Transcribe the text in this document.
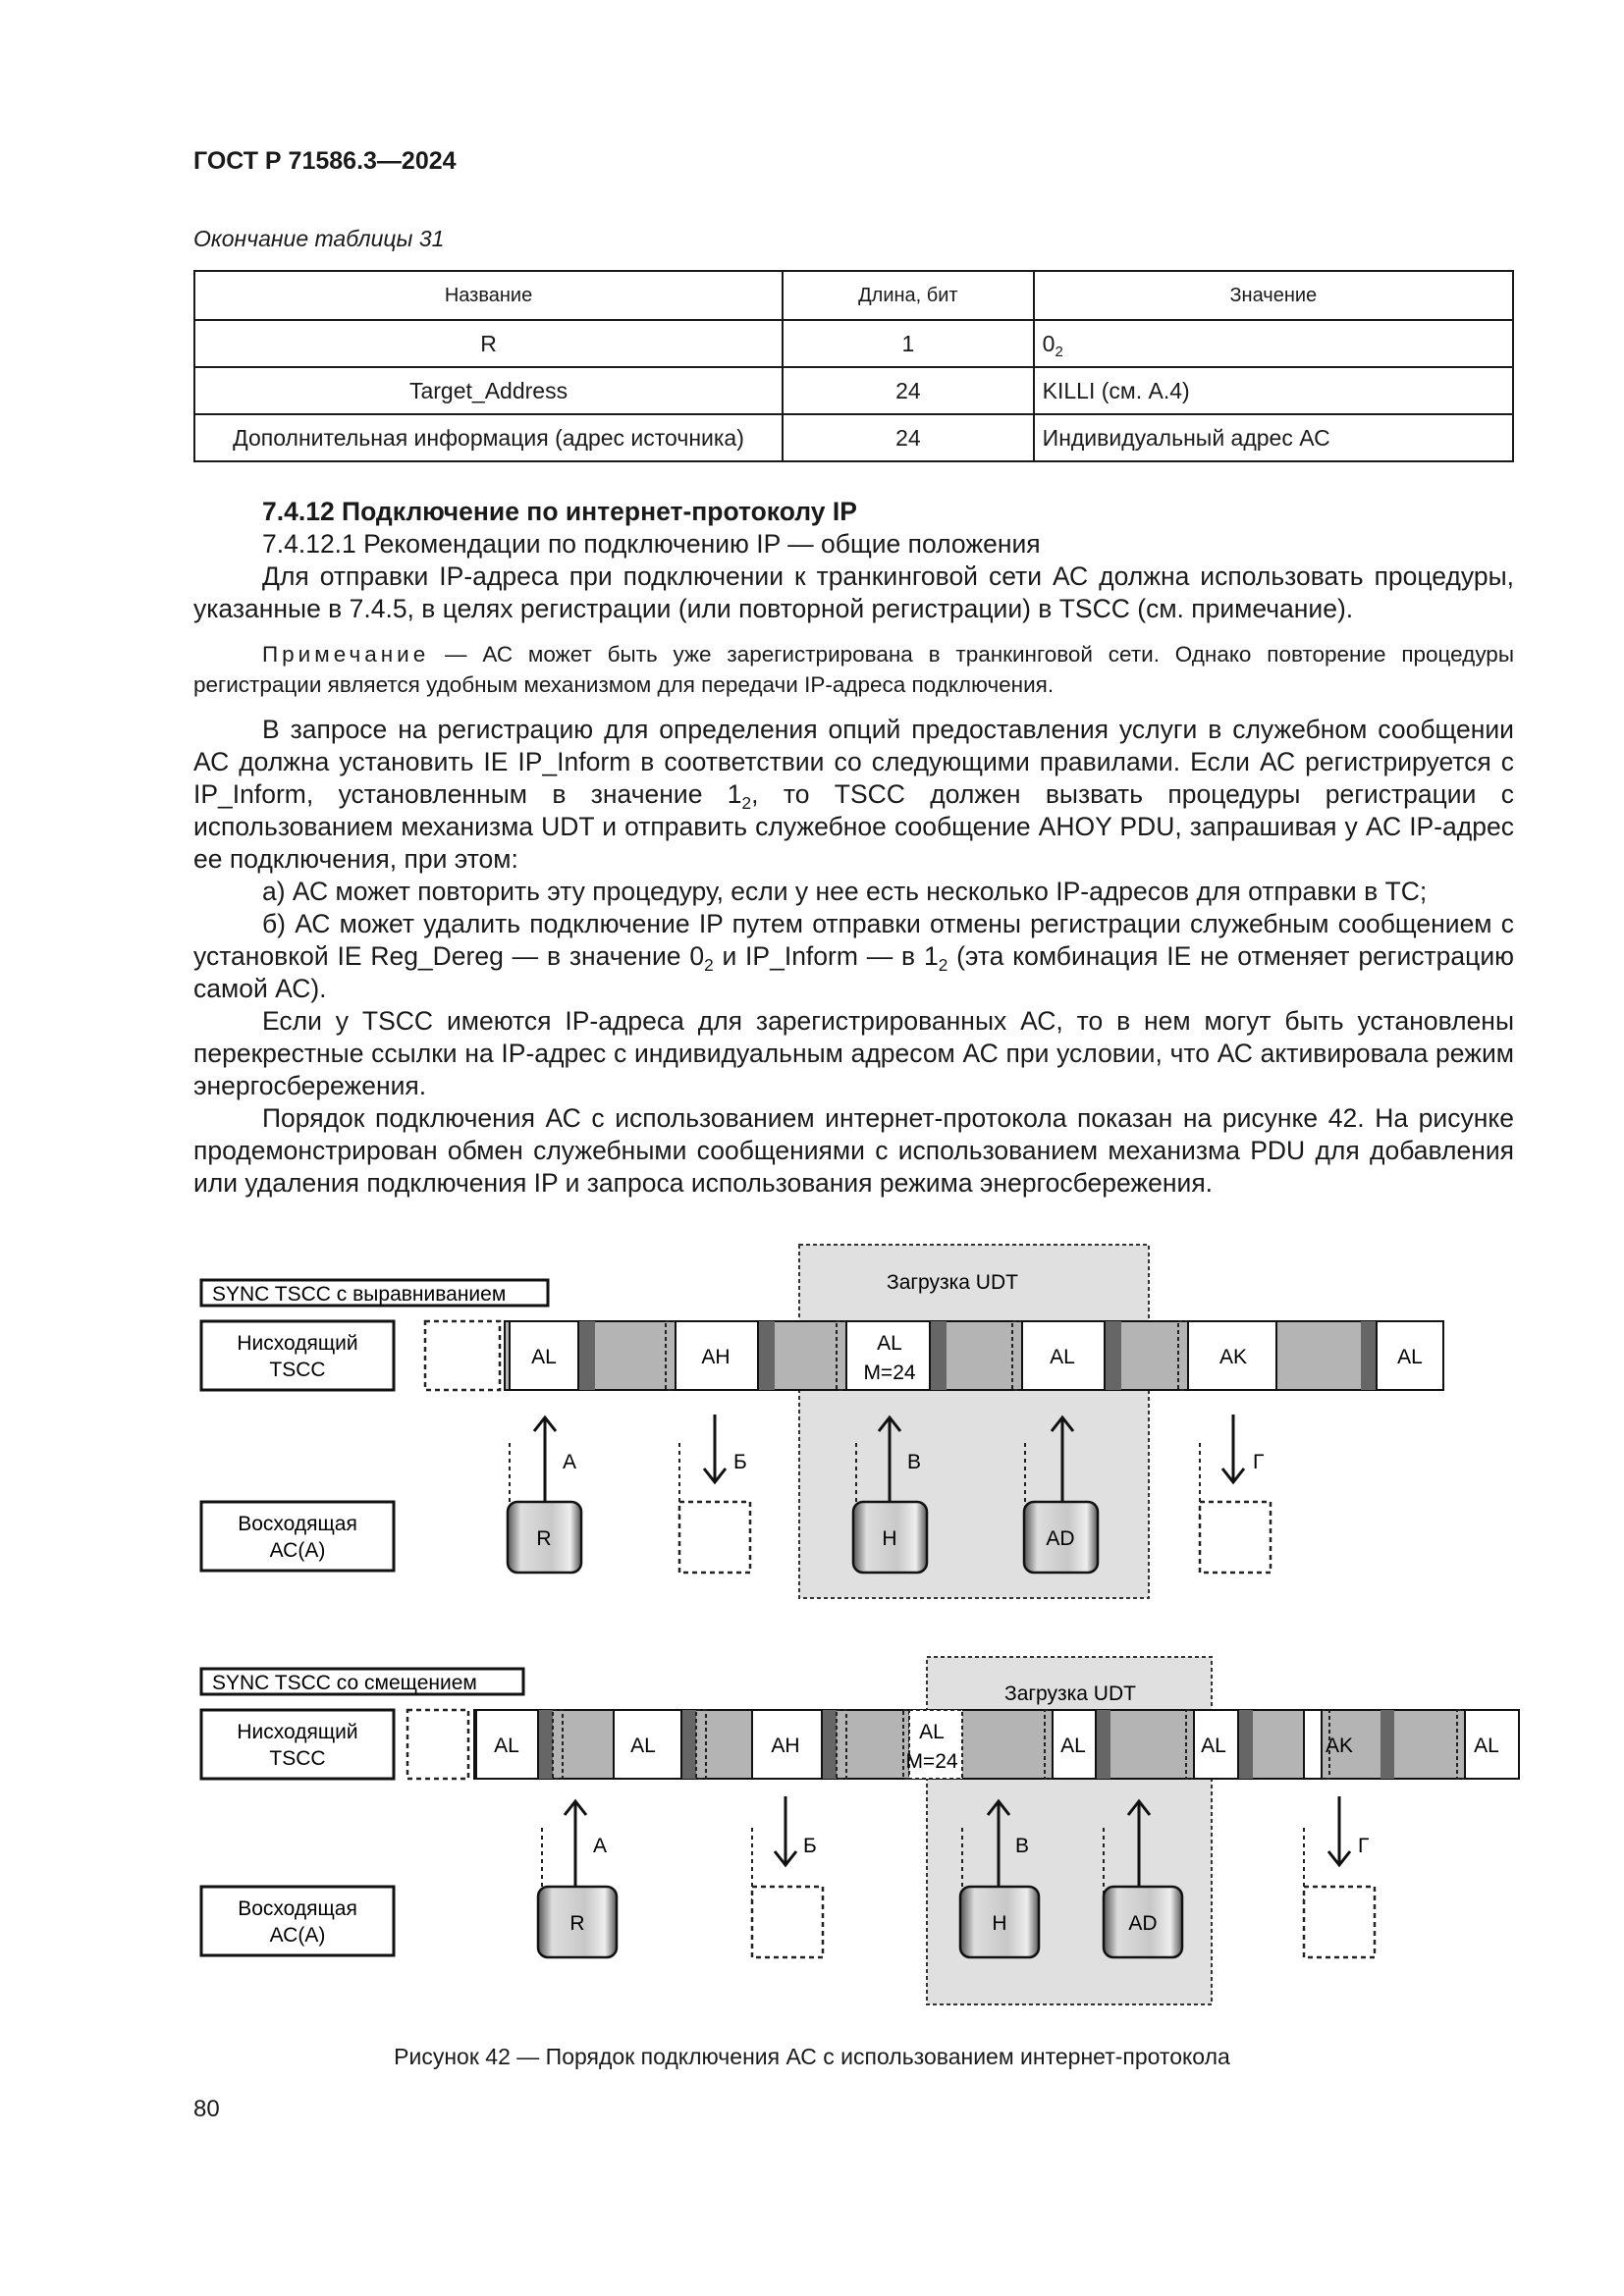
ГОСТ Р 71586.3—2024
Окончание таблицы 31
Название	Длина, бит	Значение
R	1	$0_2$
Target_Address	24	KILLI (см. А.4)
Дополнительная информация (адрес источника)	24	Индивидуальный адрес АС

7.4.12 Подключение по интернет-протоколу IP

7.4.12.1 Рекомендации по подключению IP — общие положения

Для отправки IP-адреса при подключении к транкинговой сети АС должна использовать процедуры, указанные в 7.4.5, в целях регистрации (или повторной регистрации) в TSCC (см. примечание).

Примечание — АС может быть уже зарегистрирована в транкинговой сети. Однако повторение процедуры регистрации является удобным механизмом для передачи IP-адреса подключения.

В запросе на регистрацию для определения опций предоставления услуги в служебном сообщении АС должна установить IE IP_Inform в соответствии со следующими правилами. Если АС регистрируется с IP_Inform, установленным в значение $1_2$, то TSCC должен вызвать процедуры регистрации с использованием механизма UDT и отправить служебное сообщение AHOY PDU, запрашивая у АС IP-адрес ее подключения, при этом:

а) АС может повторить эту процедуру, если у нее есть несколько IP-адресов для отправки в ТС;

б) АС может удалить подключение IP путем отправки отмены регистрации служебным сообщением с установкой IE Reg_Dereg — в значение $0_2$ и IP_Inform — в $1_2$ (эта комбинация IE не отменяет регистрацию самой АС).

Если у TSCC имеются IP-адреса для зарегистрированных АС, то в нем могут быть установлены перекрестные ссылки на IP-адрес с индивидуальным адресом АС при условии, что АС активировала режим энергосбережения.

Порядок подключения АС с использованием интернет-протокола показан на рисунке 42. На рисунке продемонстрирован обмен служебными сообщениями с использованием механизма PDU для добавления или удаления подключения IP и запроса использования режима энергосбережения.

Загрузка UDT
SYNC TSCC с выравниванием
Нисходящий
TSCC
AL	AH
AL
M=24
AL	AK	AL
А	Б	В	Г
Восходящая
АС(А)
R	H	AD
Загрузка UDT
SYNC TSCC со смещением
Нисходящий
TSCC
AL	AL	AH
AL
M=24
AL	AL	AK	AL
А	Б	В	Г
Восходящая
АС(А)
R	H	AD
Рисунок 42 — Порядок подключения АС с использованием интернет-протокола
80
